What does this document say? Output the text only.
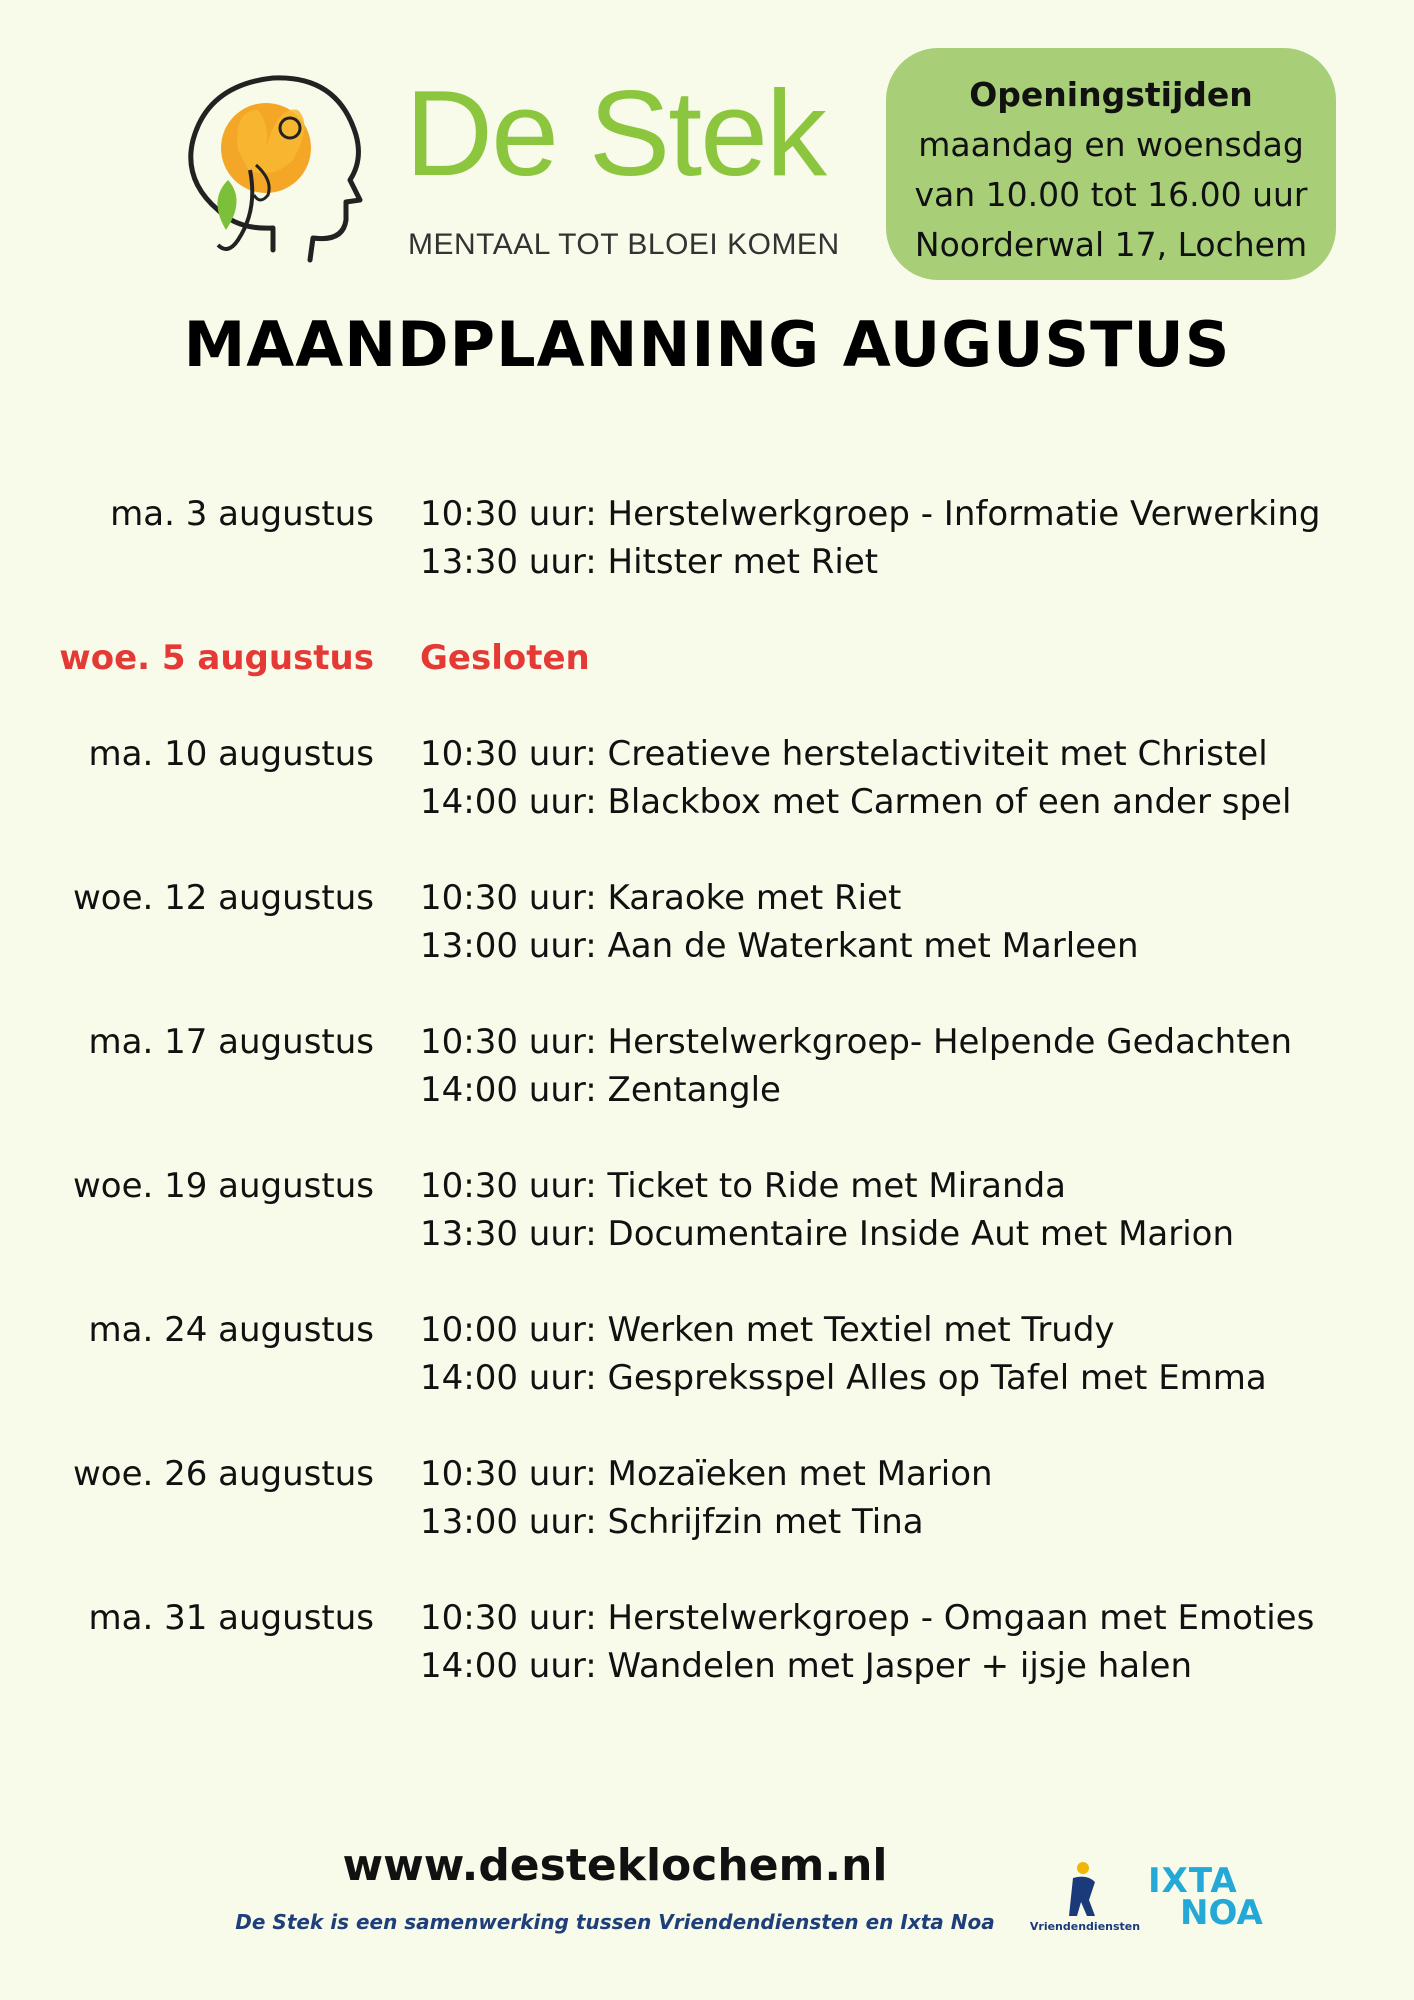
De Stek
MENTAAL TOT BLOEI KOMEN
Openingstijden
maandag en woensdag
van 10.00 tot 16.00 uur
Noorderwal 17, Lochem
MAANDPLANNING AUGUSTUS
ma. 3 augustus 10:30 uur: Herstelwerkgroep - Informatie Verwerking
13:30 uur: Hitster met Riet
woe. 5 augustus Gesloten
ma. 10 augustus 10:30 uur: Creatieve herstelactiviteit met Christel
14:00 uur: Blackbox met Carmen of een ander spel
woe. 12 augustus 10:30 uur: Karaoke met Riet
13:00 uur: Aan de Waterkant met Marleen
ma. 17 augustus 10:30 uur: Herstelwerkgroep- Helpende Gedachten
14:00 uur: Zentangle
woe. 19 augustus 10:30 uur: Ticket to Ride met Miranda
13:30 uur: Documentaire Inside Aut met Marion
ma. 24 augustus 10:00 uur: Werken met Textiel met Trudy
14:00 uur: Gespreksspel Alles op Tafel met Emma
woe. 26 augustus 10:30 uur: Mozaïeken met Marion
13:00 uur: Schrijfzin met Tina
ma. 31 augustus 10:30 uur: Herstelwerkgroep - Omgaan met Emoties
14:00 uur: Wandelen met Jasper + ijsje halen
www.desteklochem.nl
De Stek is een samenwerking tussen Vriendendiensten en Ixta Noa	Vriendendiensten
IXTA
NOA
